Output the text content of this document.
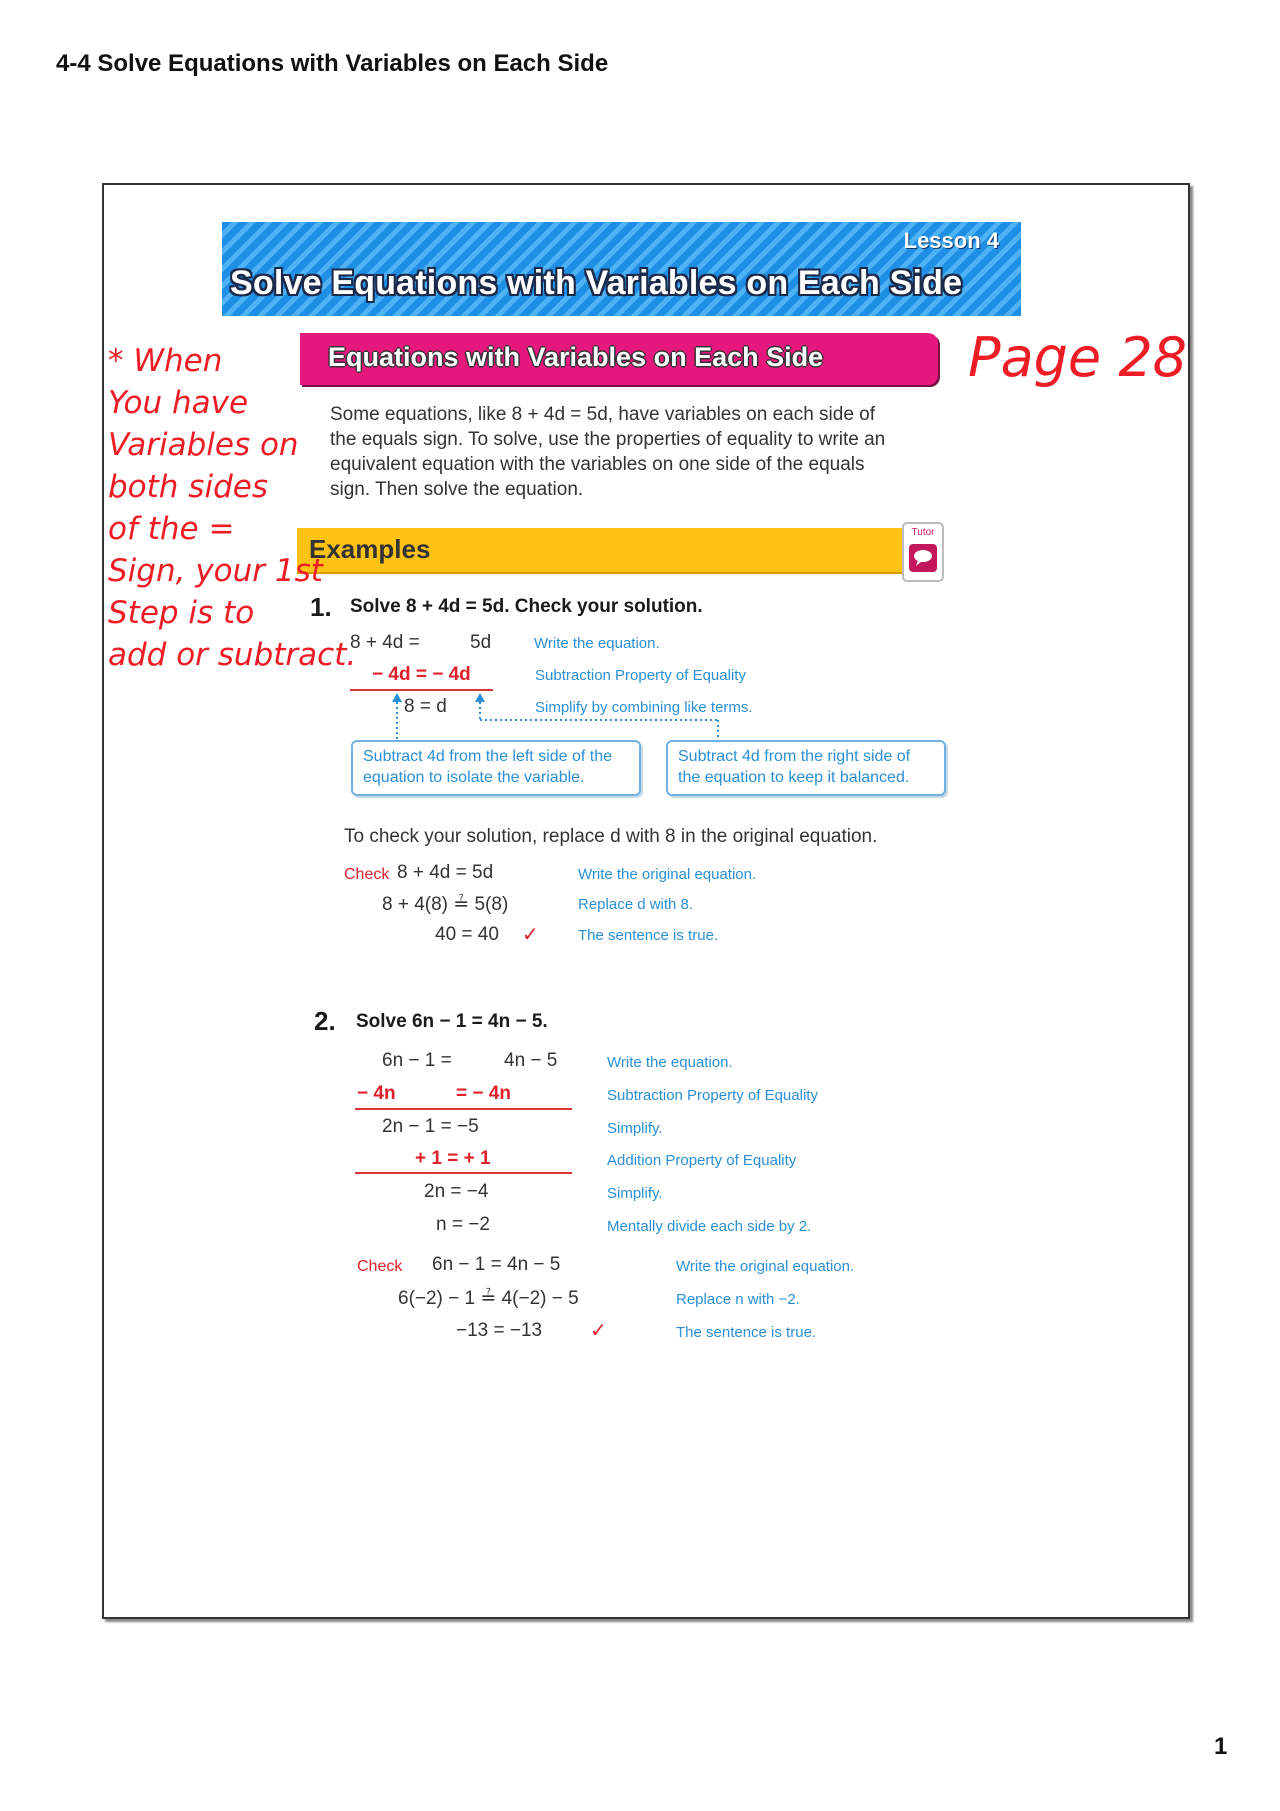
4-4 Solve Equations with Variables on Each Side
Lesson 4
Solve Equations with Variables on Each Side
Equations with Variables on Each Side

Some equations, like 8 + 4d = 5d, have variables on each side of

the equals sign. To solve, use the properties of equality to write an

equivalent equation with the variables on one side of the equals

sign. Then solve the equation.

Examples
Tutor
1. Solve 8 + 4d = 5d. Check your solution.
8 + 4d =	5d	Write the equation.
− 4d = − 4d	Subtraction Property of Equality
8 = d	Simplify by combining like terms.
Subtract 4d from the left side of the equation to isolate the variable.
Subtract 4d from the right side of the equation to keep it balanced.
To check your solution, replace d with 8 in the original equation.
Check 8 + 4d = 5d	Write the original equation.
8 + 4(8) ≟ 5(8)	Replace d with 8.
40 = 40 ✓	The sentence is true.
2. Solve 6n − 1 = 4n − 5.
6n − 1 =	4n − 5	Write the equation.
− 4n	= − 4n	Subtraction Property of Equality
2n − 1 = −5	Simplify.
+ 1 = + 1	Addition Property of Equality
2n = −4	Simplify.
n = −2	Mentally divide each side by 2.
Check 6n − 1 = 4n − 5	Write the original equation.
6(−2) − 1 ≟ 4(−2) − 5	Replace n with −2.
−13 = −13 ✓	The sentence is true.
* When
You have
Variables on
both sides
of the =
Sign, your 1st
Step is to
add or subtract.
Page 28
1
